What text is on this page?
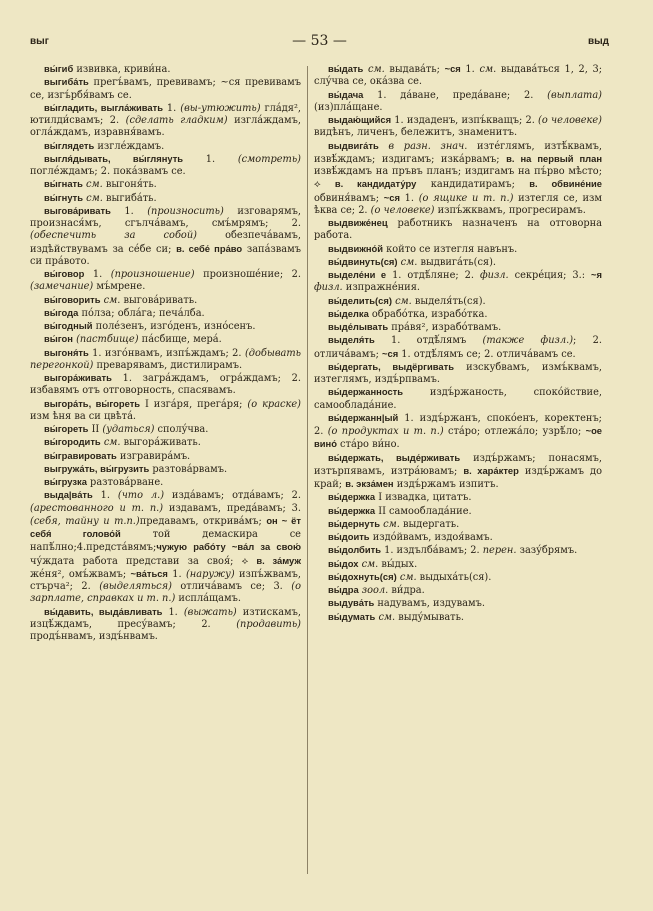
выг	— 53 —	выд

вы́гиб извивка, криви́на.

выгиба́ть прегъ́вамъ, превивамъ; ~ся превивамъ се, изгъ́рбя́вамъ се.

вы́гладить, выгла́живать 1. (вы-утюжить) гла́дя², ютилди́свамъ; 2. (сделать гладким) изгла́ждамъ, огла́ждамъ, изравня́вамъ.

вы́глядеть изгле́ждамъ.

выгля́дывать, вы́глянуть 1. (смотреть) погле́ждамъ; 2. пока́звамъ се.

вы́гнать см. выгоня́ть.

вы́гнуть см. выгиба́ть.

выгова́ривать 1. (произносить) изговарямъ, произнася́мъ, сгълча́вамъ, смъ́мрямъ; 2. (обеспечить за собой) обезпеча́вамъ, издѣйствувамъ за се́бе си; в. себе́ пра́во запа́звамъ си пра́вото.

вы́говор 1. (произношение) произноше́ние; 2. (замечание) мъ́мрене.

вы́говорить см. выгова́ривать.

вы́года по́лза; обла́га; печа́лба.

вы́годный поле́зенъ, изго́денъ, изно́сенъ.

вы́гон (пастбище) па́сбище, мера́.

выгоня́ть 1. изго́нвамъ, изпъ́ждамъ; 2. (добывать перегонкой) преварявамъ, дистилирамъ.

выгора́живать 1. загра́ждамъ, огра́ждамъ; 2. избавямъ отъ отговорность, спасявамъ.

выгора́ть, вы́гореть I изга́ря, прега́ря; (о краске) изм ѣня ва си цвѣта́.

вы́гореть II (удаться) сполу́чва.

вы́городить см. выгора́живать.

вы́гравировать изгравира́мъ.

выгружа́ть, вы́грузить разтова́рвамъ.

вы́грузка разтова́рване.

выда|ва́ть 1. (что л.) изда́вамъ; отда́вамъ; 2. (арестованного и т. п.) издавамъ, преда́вамъ; 3. (себя, тайну и т.п.)предавамъ, открива́мъ; он ~ ёт себя́ голово́й той демаскира се напѣ́лно;4.предста́вямъ;чужую рабо́ту ~ва́л за свою́ чу́ждата работа представи за своя́; ⟡ в. за́муж же́ня², омъ́жвамъ; ~ва́ться 1. (наружу) изпъ́жвамъ, стърча²; 2. (выделяться) отлича́вамъ се; 3. (о зарплате, справках и т. п.) испла́щамъ.

вы́давить, выда́вливать 1. (выжать) изтискамъ, изцѣ́ждамъ, пресу́вамъ; 2. (продавить) продъ́нвамъ, издъ́нвамъ.

вы́дать см. выдава́ть; ~ся 1. см. выдава́ться 1, 2, 3; слу́чва се, ока́зва се.

вы́дача 1. да́ване, преда́ване; 2. (выплата) (из)пла́щане.

выдаю́щийся 1. издаденъ, изпъ́кващъ; 2. (о человеке) видѣнъ, личенъ, бележитъ, знаменитъ.

выдвига́ть в разн. знач. изте́глямъ, изтѣ́квамъ, извѣ́ждамъ; издигамъ; изка́рвамъ; в. на первый план извѣ́ждамъ на пръвъ планъ; издигамъ на пъ́рво мѣсто; ⟡ в. кандидату́ру кандидатирамъ; в. обвине́ние обвиня́вамъ; ~ся 1. (о ящике и т. п.) изтегля се, изм ѣква се; 2. (о человеке) изпъ́жквамъ, прогресирамъ.

выдвиже́нец работникъ назначенъ на отговорна работа.

выдвижно́й който се изтегля навънъ.

вы́двинуть(ся) см. выдвига́ть(ся).

выделе́ни е 1. отдѣ́ляне; 2. физл. секре́ция; 3.: ~я физл. изпражне́ния.

вы́делить(ся) см. выделя́ть(ся).

вы́делка обрабо́тка, израбо́тка.

выде́лывать пра́вя², израбо́твамъ.

выделя́ть 1. отдѣ́лямъ (также физл.); 2. отлича́вамъ; ~ся 1. отдѣ́лямъ се; 2. отлича́вамъ се.

вы́дергать, выдёргивать изскубвамъ, измъ́квамъ, изтеглямъ, издъ́рпвамъ.

вы́держанность издъ́ржаность, споко́йствие, самооблада́ние.

вы́держанн|ый 1. издъ́ржанъ, споко́енъ, коректенъ; 2. (о продуктах и т. п.) ста́ро; отлежа́ло; узрѣ́ло; ~ое вино́ ста́ро ви́но.

вы́держать, выде́рживать издъ́ржамъ; понасямъ, изтърпявамъ, изтра́ювамъ; в. хара́ктер издъ́ржамъ до край; в. экза́мен издъ́ржамъ изпитъ.

вы́держка I извадка, цитатъ.

вы́держка II самооблада́ние.

вы́дернуть см. выдергать.

вы́доить издо́йвамъ, издоя́вамъ.

вы́долбить 1. издълба́вамъ; 2. перен. зазу́брямъ.

вы́дох см. вы́дых.

вы́дохнуть(ся) см. выдыха́ть(ся).

вы́дра зоол. ви́дра.

выдува́ть надувамъ, издувамъ.

вы́думать см. выду́мывать.
